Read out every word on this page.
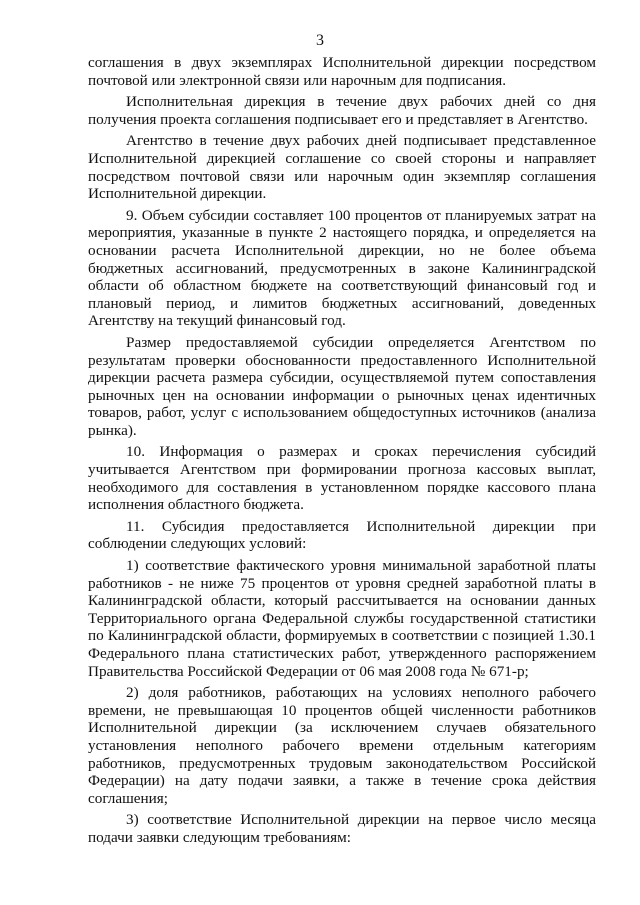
3

соглашения в двух экземплярах Исполнительной дирекции посредством почтовой или электронной связи или нарочным для подписания.

Исполнительная дирекция в течение двух рабочих дней со дня получения проекта соглашения подписывает его и представляет в Агентство.

Агентство в течение двух рабочих дней подписывает представленное Исполнительной дирекцией соглашение со своей стороны и направляет посредством почтовой связи или нарочным один экземпляр соглашения Исполнительной дирекции.

9. Объем субсидии составляет 100 процентов от планируемых затрат на мероприятия, указанные в пункте 2 настоящего порядка, и определяется на основании расчета Исполнительной дирекции, но не более объема бюджетных ассигнований, предусмотренных в законе Калининградской области об областном бюджете на соответствующий финансовый год и плановый период, и лимитов бюджетных ассигнований, доведенных Агентству на текущий финансовый год.

Размер предоставляемой субсидии определяется Агентством по результатам проверки обоснованности предоставленного Исполнительной дирекции расчета размера субсидии, осуществляемой путем сопоставления рыночных цен на основании информации о рыночных ценах идентичных товаров, работ, услуг с использованием общедоступных источников (анализа рынка).

10. Информация о размерах и сроках перечисления субсидий учитывается Агентством при формировании прогноза кассовых выплат, необходимого для составления в установленном порядке кассового плана исполнения областного бюджета.

11. Субсидия предоставляется Исполнительной дирекции при соблюдении следующих условий:

1) соответствие фактического уровня минимальной заработной платы работников - не ниже 75 процентов от уровня средней заработной платы в Калининградской области, который рассчитывается на основании данных Территориального органа Федеральной службы государственной статистики по Калининградской области, формируемых в соответствии с позицией 1.30.1 Федерального плана статистических работ, утвержденного распоряжением Правительства Российской Федерации от 06 мая 2008 года № 671-р;

2) доля работников, работающих на условиях неполного рабочего времени, не превышающая 10 процентов общей численности работников Исполнительной дирекции (за исключением случаев обязательного установления неполного рабочего времени отдельным категориям работников, предусмотренных трудовым законодательством Российской Федерации) на дату подачи заявки, а также в течение срока действия соглашения;

3) соответствие Исполнительной дирекции на первое число месяца подачи заявки следующим требованиям:
